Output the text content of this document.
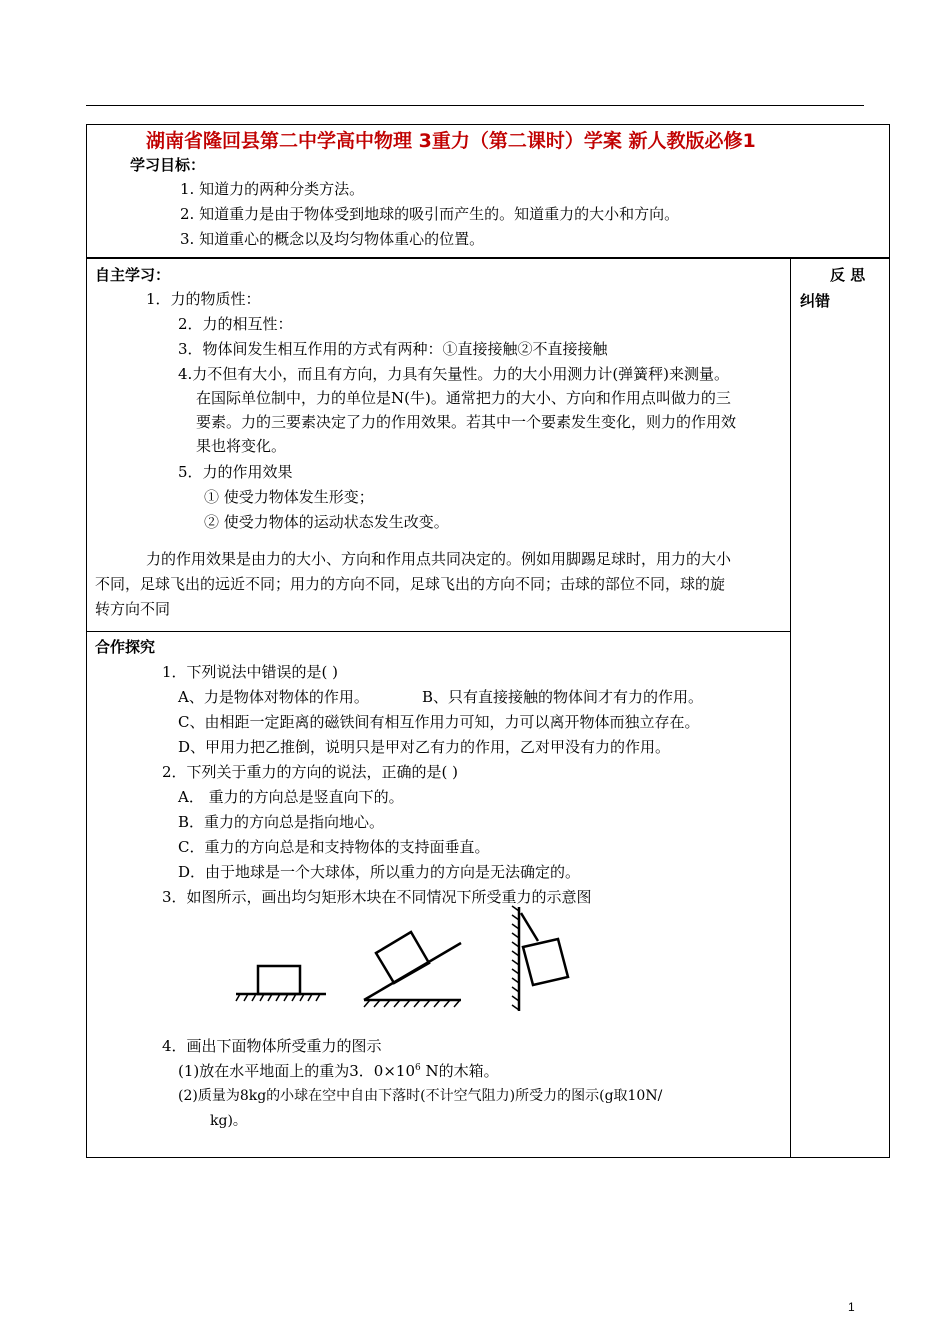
湖南省隆回县第二中学高中物理 3重力（第二课时）学案 新人教版必修1
学习目标：
1. 知道力的两种分类方法。
2. 知道重力是由于物体受到地球的吸引而产生的。知道重力的大小和方向。
3. 知道重心的概念以及均匀物体重心的位置。
反 思
纠错
自主学习：
1．力的物质性：
2．力的相互性：
3．物体间发生相互作用的方式有两种：①直接接触②不直接接触
4.力不但有大小，而且有方向，力具有矢量性。力的大小用测力计(弹簧秤)来测量。
在国际单位制中，力的单位是N(牛)。通常把力的大小、方向和作用点叫做力的三
要素。力的三要素决定了力的作用效果。若其中一个要素发生变化，则力的作用效
果也将变化。
5．力的作用效果
① 使受力物体发生形变；
② 使受力物体的运动状态发生改变。
力的作用效果是由力的大小、方向和作用点共同决定的。例如用脚踢足球时，用力的大小
不同，足球飞出的远近不同；用力的方向不同，足球飞出的方向不同；击球的部位不同，球的旋
转方向不同
合作探究
1．下列说法中错误的是( )
A、力是物体对物体的作用。	B、只有直接接触的物体间才有力的作用。
C、由相距一定距离的磁铁间有相互作用力可知，力可以离开物体而独立存在。
D、甲用力把乙推倒，说明只是甲对乙有力的作用，乙对甲没有力的作用。
2．下列关于重力的方向的说法，正确的是( )
A． 重力的方向总是竖直向下的。
B．重力的方向总是指向地心。
C．重力的方向总是和支持物体的支持面垂直。
D．由于地球是一个大球体，所以重力的方向是无法确定的。
3．如图所示，画出均匀矩形木块在不同情况下所受重力的示意图
4．画出下面物体所受重力的图示
(1)放在水平地面上的重为3．$0\times 10^6$ N的木箱。
(2)质量为8kg的小球在空中自由下落时(不计空气阻力)所受力的图示(g取10N/
kg)。
1
